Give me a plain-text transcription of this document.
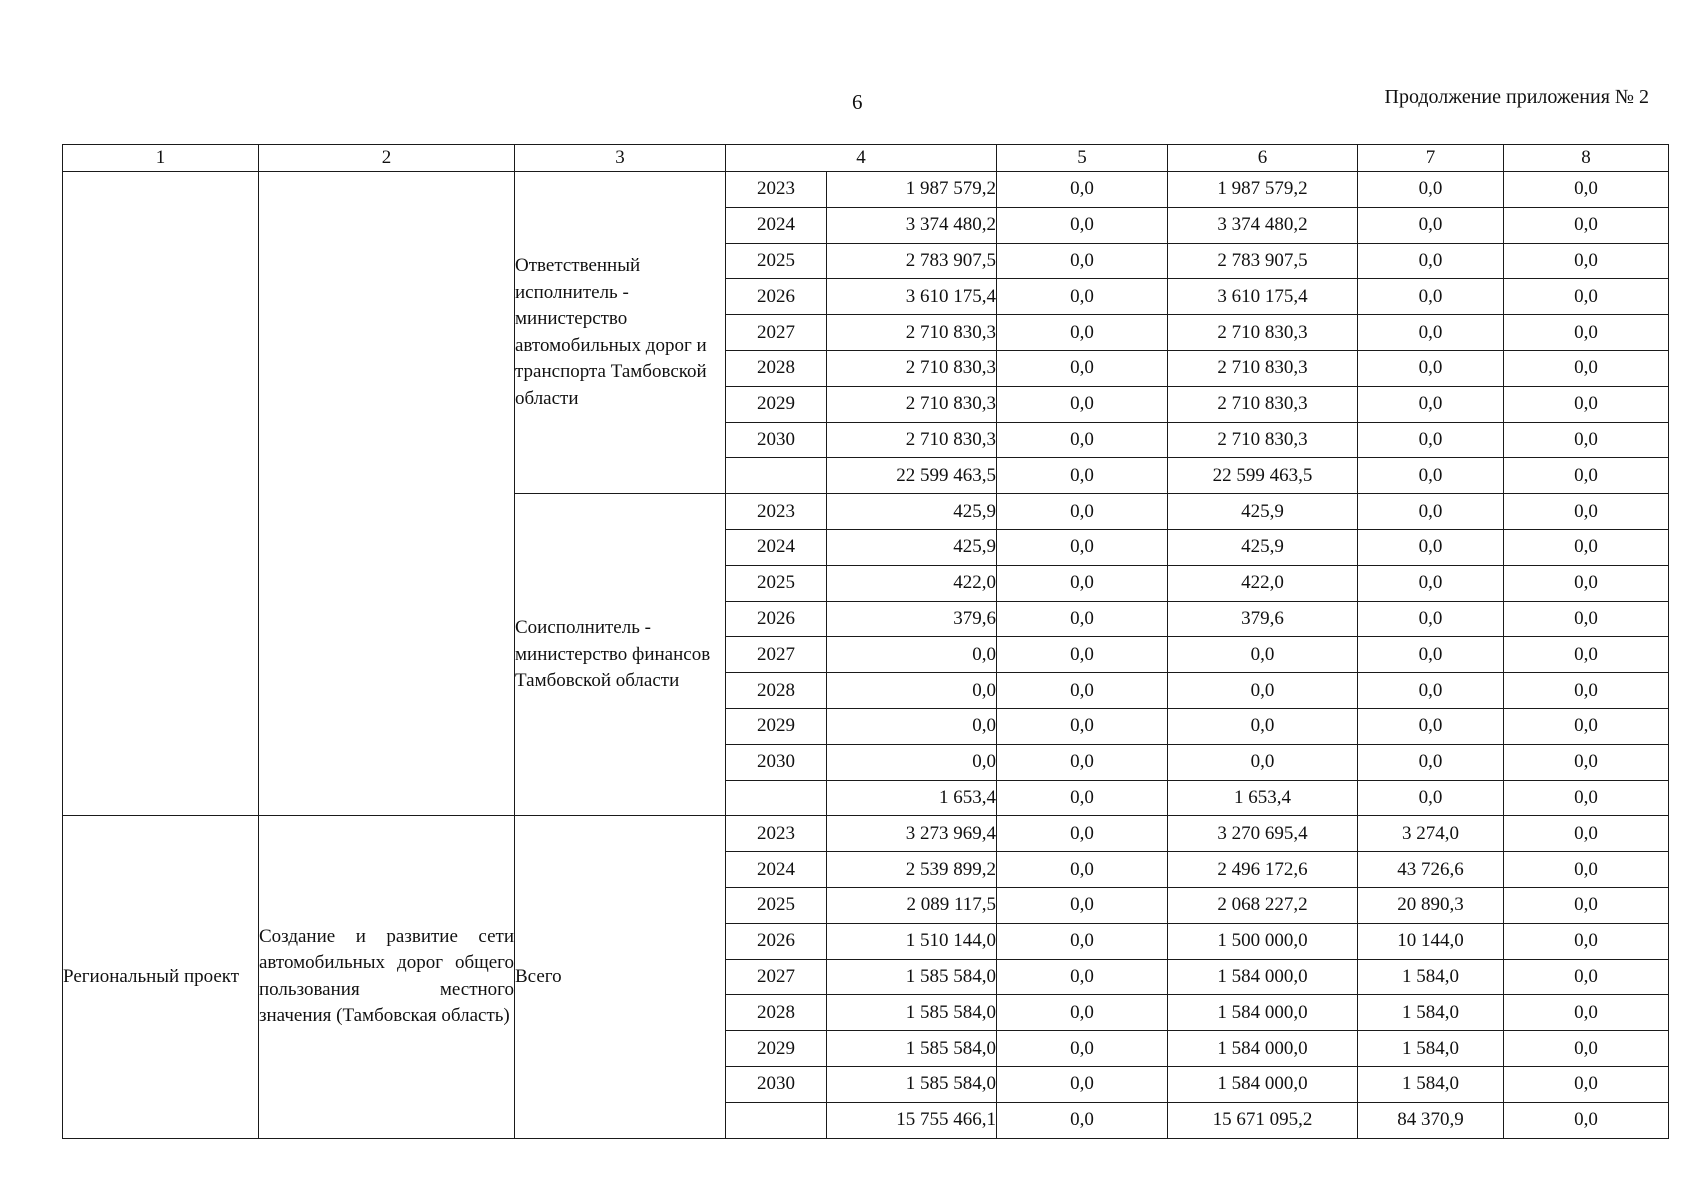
6	Продолжение приложения № 2
1	2	3	4		5	6	7	8
		Ответственный исполнитель - министерство автомобильных дорог и транспорта Тамбовской области	2023	1 987 579,2	0,0	1 987 579,2	0,0	0,0
			2024	3 374 480,2	0,0	3 374 480,2	0,0	0,0
			2025	2 783 907,5	0,0	2 783 907,5	0,0	0,0
			2026	3 610 175,4	0,0	3 610 175,4	0,0	0,0
			2027	2 710 830,3	0,0	2 710 830,3	0,0	0,0
			2028	2 710 830,3	0,0	2 710 830,3	0,0	0,0
			2029	2 710 830,3	0,0	2 710 830,3	0,0	0,0
			2030	2 710 830,3	0,0	2 710 830,3	0,0	0,0
				22 599 463,5	0,0	22 599 463,5	0,0	0,0
		Соисполнитель - министерство финансов Тамбовской области	2023	425,9	0,0	425,9	0,0	0,0
			2024	425,9	0,0	425,9	0,0	0,0
			2025	422,0	0,0	422,0	0,0	0,0
			2026	379,6	0,0	379,6	0,0	0,0
			2027	0,0	0,0	0,0	0,0	0,0
			2028	0,0	0,0	0,0	0,0	0,0
			2029	0,0	0,0	0,0	0,0	0,0
			2030	0,0	0,0	0,0	0,0	0,0
				1 653,4	0,0	1 653,4	0,0	0,0
Региональный проект	Создание и развитие сети автомобильных дорог общего пользования местного значения (Тамбовская область)	Всего	2023	3 273 969,4	0,0	3 270 695,4	3 274,0	0,0
			2024	2 539 899,2	0,0	2 496 172,6	43 726,6	0,0
			2025	2 089 117,5	0,0	2 068 227,2	20 890,3	0,0
			2026	1 510 144,0	0,0	1 500 000,0	10 144,0	0,0
			2027	1 585 584,0	0,0	1 584 000,0	1 584,0	0,0
			2028	1 585 584,0	0,0	1 584 000,0	1 584,0	0,0
			2029	1 585 584,0	0,0	1 584 000,0	1 584,0	0,0
			2030	1 585 584,0	0,0	1 584 000,0	1 584,0	0,0
				15 755 466,1	0,0	15 671 095,2	84 370,9	0,0
